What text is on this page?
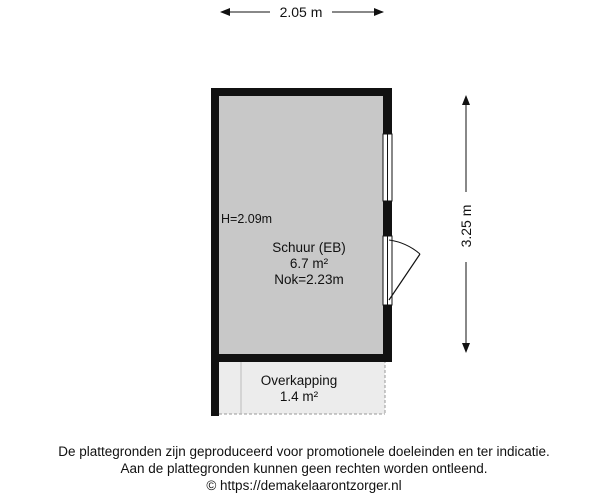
2.05 m
3.25 m
H=2.09m
Schuur (EB)
6.7 m²
Nok=2.23m
Overkapping
1.4 m²
De plattegronden zijn geproduceerd voor promotionele doeleinden en ter indicatie.
Aan de plattegronden kunnen geen rechten worden ontleend.
© https://demakelaarontzorger.nl
